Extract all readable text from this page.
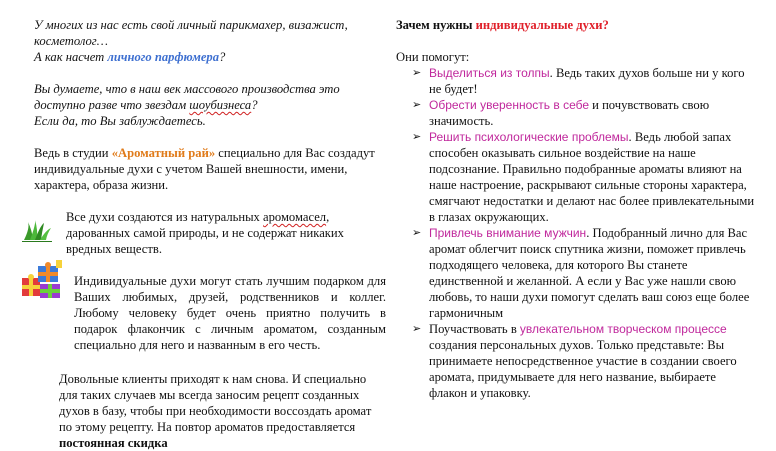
У многих из нас есть свой личный парикмахер, визажист, косметолог…
А как насчет личного парфюмера?

Вы думаете, что в наш век массового производства это доступно разве что звездам шоубизнеса?
Если да, то Вы заблуждаетесь.

Ведь в студии «Ароматный рай» специально для Вас создадут индивидуальные духи с учетом Вашей внешности, имени, характера, образа жизни.

Все духи создаются из натуральных аромомасел, дарованных самой природы, и не содержат никаких вредных веществ.

Индивидуальные духи могут стать лучшим подарком для Ваших любимых, друзей, родственников и коллег. Любому человеку будет очень приятно получить в подарок флакончик с личным ароматом, созданным специально для него и названным в его честь.

Довольные клиенты приходят к нам снова. И специально для таких случаев мы всегда заносим рецепт созданных духов в базу, чтобы при необходимости воссоздать аромат по этому рецепту. На повтор ароматов предоставляется постоянная скидка

Зачем нужны индивидуальные духи?

Они помогут:

➢ Выделиться из толпы. Ведь таких духов больше ни у кого не будет!
➢ Обрести уверенность в себе и почувствовать свою значимость.
➢ Решить психологические проблемы. Ведь любой запах способен оказывать сильное воздействие на наше подсознание. Правильно подобранные ароматы влияют на наше настроение, раскрывают сильные стороны характера, смягчают недостатки и делают нас более привлекательными в глазах окружающих.
➢ Привлечь внимание мужчин. Подобранный лично для Вас аромат облегчит поиск спутника жизни, поможет привлечь подходящего человека, для которого Вы станете единственной и желанной. А если у Вас уже нашли свою любовь, то наши духи помогут сделать ваш союз еще более гармоничным
➢ Поучаствовать в увлекательном творческом процессе создания персональных духов. Только представьте: Вы принимаете непосредственное участие в создании своего аромата, придумываете для него название, выбираете флакон и упаковку.
